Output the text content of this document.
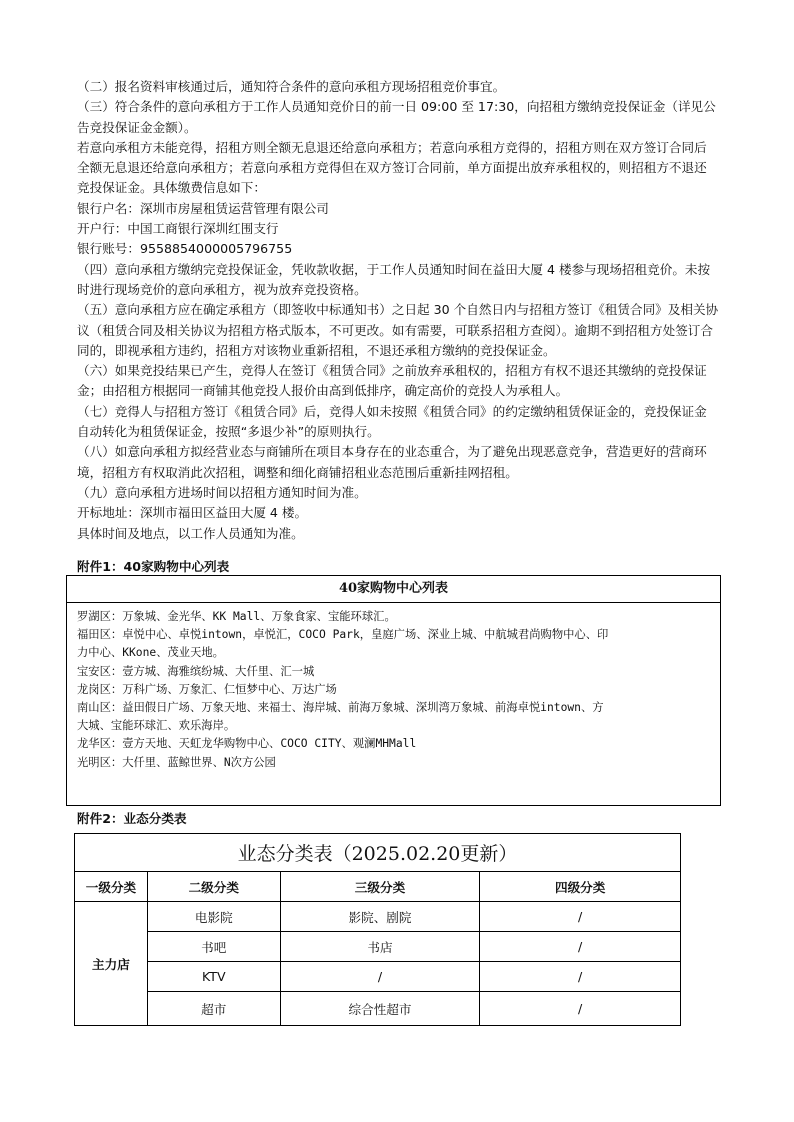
（二）报名资料审核通过后，通知符合条件的意向承租方现场招租竞价事宜。

（三）符合条件的意向承租方于工作人员通知竞价日的前一日 09:00 至 17:30，向招租方缴纳竞投保证金（详见公告竞投保证金金额）。

若意向承租方未能竞得，招租方则全额无息退还给意向承租方；若意向承租方竞得的，招租方则在双方签订合同后全额无息退还给意向承租方；若意向承租方竞得但在双方签订合同前，单方面提出放弃承租权的，则招租方不退还竞投保证金。具体缴费信息如下：

银行户名：深圳市房屋租赁运营管理有限公司

开户行：中国工商银行深圳红围支行

银行账号：9558854000005796755

（四）意向承租方缴纳完竞投保证金，凭收款收据，于工作人员通知时间在益田大厦 4 楼参与现场招租竞价。未按时进行现场竞价的意向承租方，视为放弃竞投资格。

（五）意向承租方应在确定承租方（即签收中标通知书）之日起 30 个自然日内与招租方签订《租赁合同》及相关协议（租赁合同及相关协议为招租方格式版本，不可更改。如有需要，可联系招租方查阅）。逾期不到招租方处签订合同的，即视承租方违约，招租方对该物业重新招租，不退还承租方缴纳的竞投保证金。

（六）如果竞投结果已产生，竞得人在签订《租赁合同》之前放弃承租权的，招租方有权不退还其缴纳的竞投保证金；由招租方根据同一商铺其他竞投人报价由高到低排序，确定高价的竞投人为承租人。

（七）竞得人与招租方签订《租赁合同》后，竞得人如未按照《租赁合同》的约定缴纳租赁保证金的，竞投保证金自动转化为租赁保证金，按照“多退少补”的原则执行。

（八）如意向承租方拟经营业态与商铺所在项目本身存在的业态重合，为了避免出现恶意竞争，营造更好的营商环境，招租方有权取消此次招租，调整和细化商铺招租业态范围后重新挂网招租。

（九）意向承租方进场时间以招租方通知时间为准。

开标地址：深圳市福田区益田大厦 4 楼。

具体时间及地点，以工作人员通知为准。

附件1：40家购物中心列表
40家购物中心列表
罗湖区：万象城、金光华、KK Mall、万象食家、宝能环球汇。
福田区：卓悦中心、卓悦intown，卓悦汇，COCO Park，皇庭广场、深业上城、中航城君尚购物中心、印
力中心、KKone、茂业天地。
宝安区：壹方城、海雅缤纷城、大仟里、汇一城
龙岗区：万科广场、万象汇、仁恒梦中心、万达广场
南山区：益田假日广场、万象天地、来福士、海岸城、前海万象城、深圳湾万象城、前海卓悦intown、方
大城、宝能环球汇、欢乐海岸。
龙华区：壹方天地、天虹龙华购物中心、COCO CITY、观澜MHMall
光明区：大仟里、蓝鲸世界、N次方公园
附件2：业态分类表
业态分类表（2025.02.20更新）			
一级分类	二级分类	三级分类	四级分类
主力店	电影院	影院、剧院	/
	书吧	书店	/
	KTV	/	/
	超市	综合性超市	/
